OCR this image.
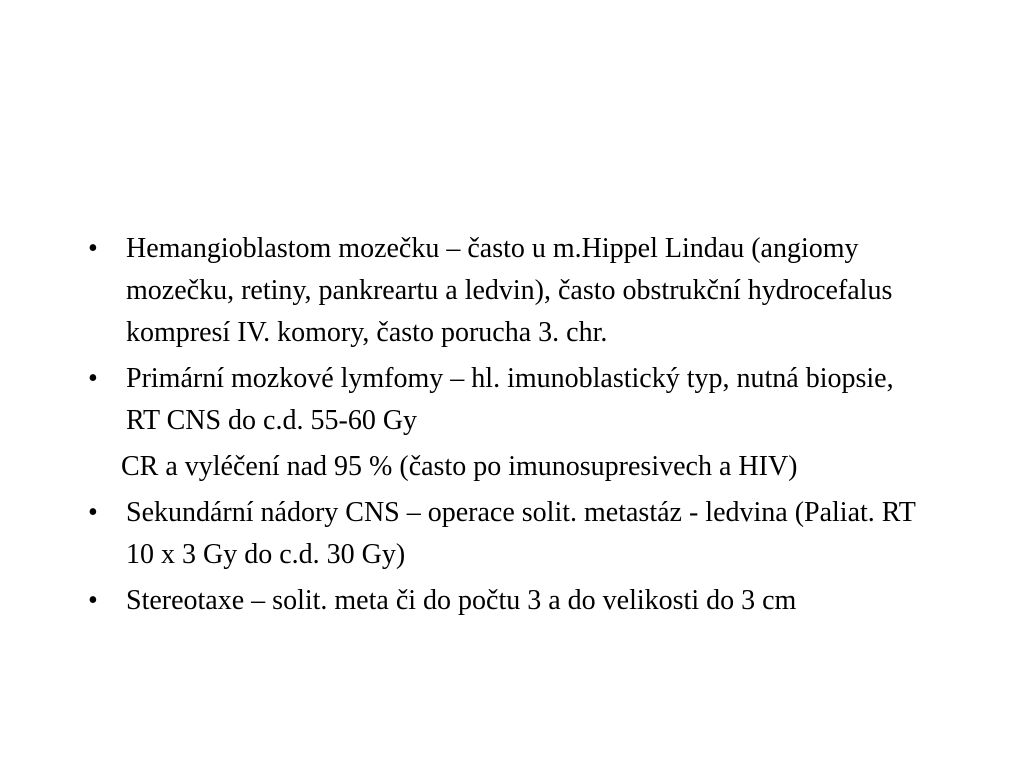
• Hemangioblastom mozečku – často u m.Hippel Lindau (angiomy mozečku, retiny, pankreartu a ledvin), často obstrukční hydrocefalus kompresí IV. komory, často porucha 3. chr.
• Primární mozkové lymfomy – hl. imunoblastický typ, nutná biopsie, RT CNS do c.d. 55-60 Gy
CR a vyléčení nad 95 % (často po imunosupresivech a HIV)
• Sekundární nádory CNS – operace solit. metastáz - ledvina (Paliat. RT 10 x 3 Gy do c.d. 30 Gy)
• Stereotaxe – solit. meta či do počtu 3 a do velikosti do 3 cm
